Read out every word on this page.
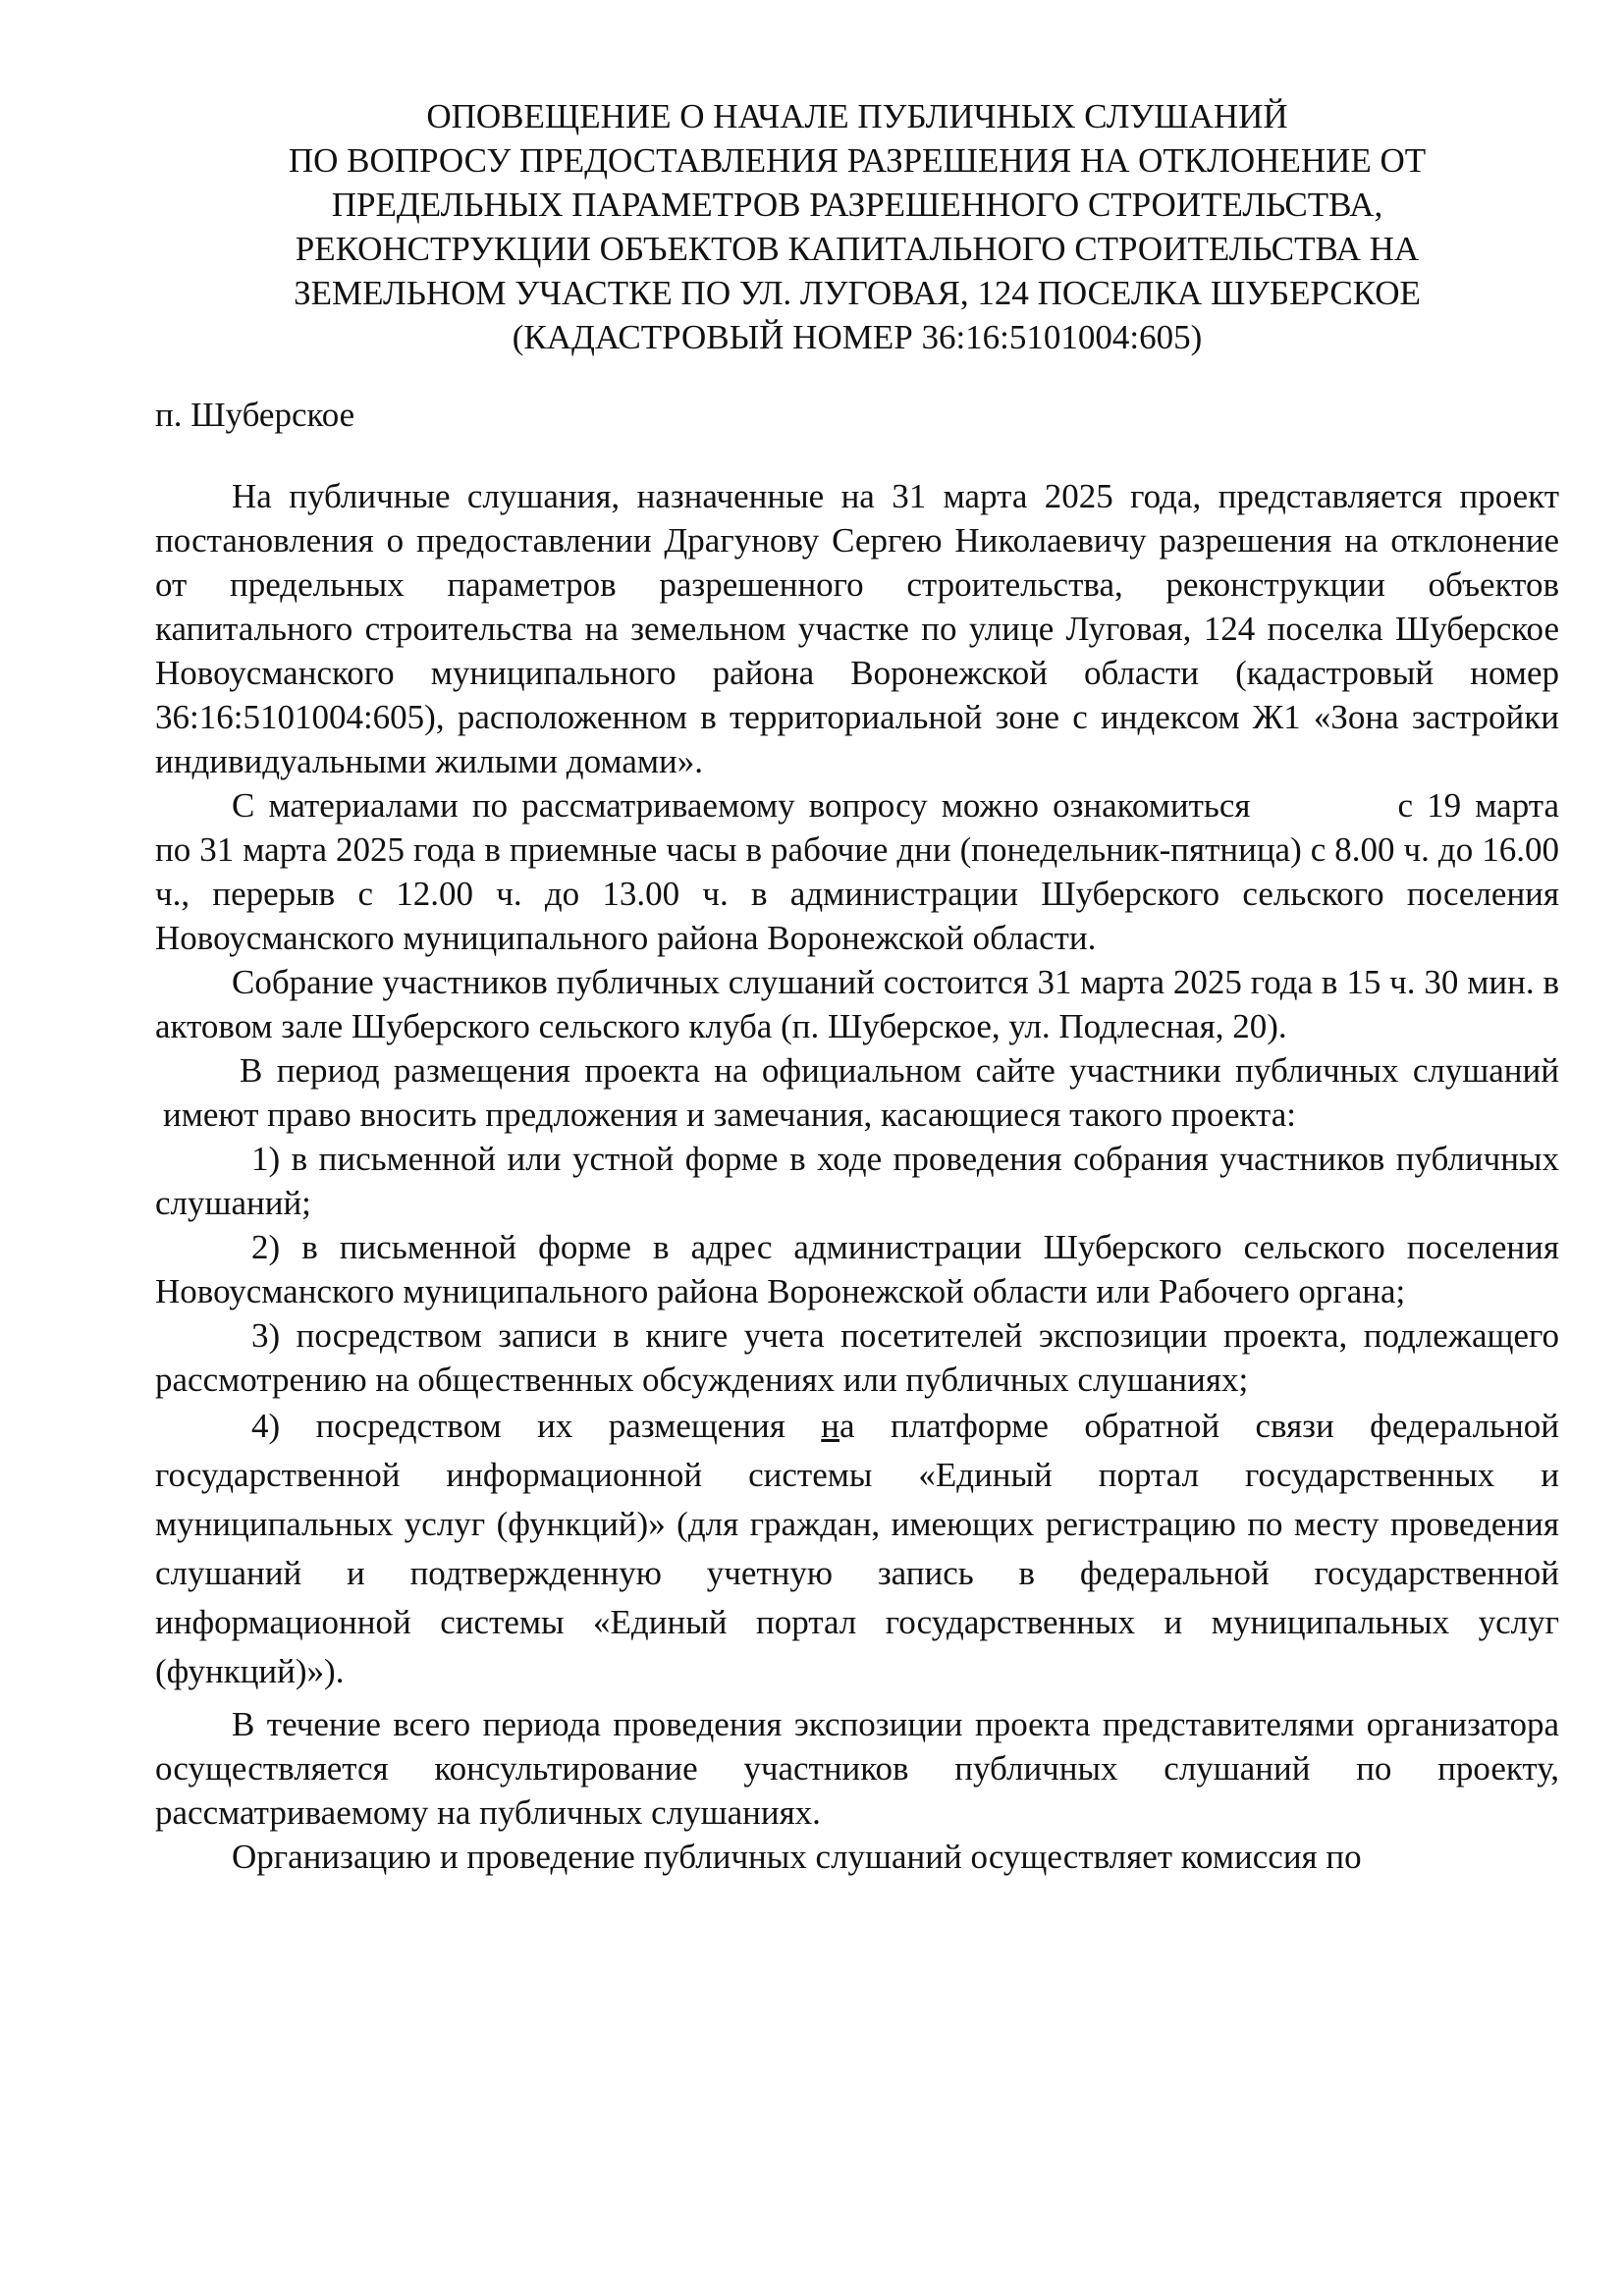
ОПОВЕЩЕНИЕ О НАЧАЛЕ ПУБЛИЧНЫХ СЛУШАНИЙ
ПО ВОПРОСУ ПРЕДОСТАВЛЕНИЯ РАЗРЕШЕНИЯ НА ОТКЛОНЕНИЕ ОТ
ПРЕДЕЛЬНЫХ ПАРАМЕТРОВ РАЗРЕШЕННОГО СТРОИТЕЛЬСТВА,
РЕКОНСТРУКЦИИ ОБЪЕКТОВ КАПИТАЛЬНОГО СТРОИТЕЛЬСТВА НА
ЗЕМЕЛЬНОМ УЧАСТКЕ ПО УЛ. ЛУГОВАЯ, 124 ПОСЕЛКА ШУБЕРСКОЕ
(КАДАСТРОВЫЙ НОМЕР 36:16:5101004:605)

п. Шуберское

На публичные слушания, назначенные на 31 марта 2025 года, представляется проект постановления о предоставлении Драгунову Сергею Николаевичу разрешения на отклонение от предельных параметров разрешенного строительства, реконструкции объектов капитального строительства на земельном участке по улице Луговая, 124 поселка Шуберское Новоусманского муниципального района Воронежской области (кадастровый номер 36:16:5101004:605), расположенном в территориальной зоне с индексом Ж1 «Зона застройки индивидуальными жилыми домами».

С материалами по рассматриваемому вопросу можно ознакомиться	с 19 марта по 31 марта 2025 года в приемные часы в рабочие дни (понедельник-пятница) с 8.00 ч. до 16.00 ч., перерыв с 12.00 ч. до 13.00 ч. в администрации Шуберского сельского поселения Новоусманского муниципального района Воронежской области.

Собрание участников публичных слушаний состоится 31 марта 2025 года в 15 ч. 30 мин. в актовом зале Шуберского сельского клуба (п. Шуберское, ул. Подлесная, 20).

В период размещения проекта на официальном сайте участники публичных слушаний имеют право вносить предложения и замечания, касающиеся такого проекта:

1) в письменной или устной форме в ходе проведения собрания участников публичных слушаний;

2) в письменной форме в адрес администрации Шуберского сельского поселения Новоусманского муниципального района Воронежской области или Рабочего органа;

3) посредством записи в книге учета посетителей экспозиции проекта, подлежащего рассмотрению на общественных обсуждениях или публичных слушаниях;

4) посредством их размещения на платформе обратной связи федеральной государственной информационной системы «Единый портал государственных и муниципальных услуг (функций)» (для граждан, имеющих регистрацию по месту проведения слушаний и подтвержденную учетную запись в федеральной государственной информационной системы «Единый портал государственных и муниципальных услуг (функций)»).

В течение всего периода проведения экспозиции проекта представителями организатора осуществляется консультирование участников публичных слушаний по проекту, рассматриваемому на публичных слушаниях.

Организацию и проведение публичных слушаний осуществляет комиссия по
